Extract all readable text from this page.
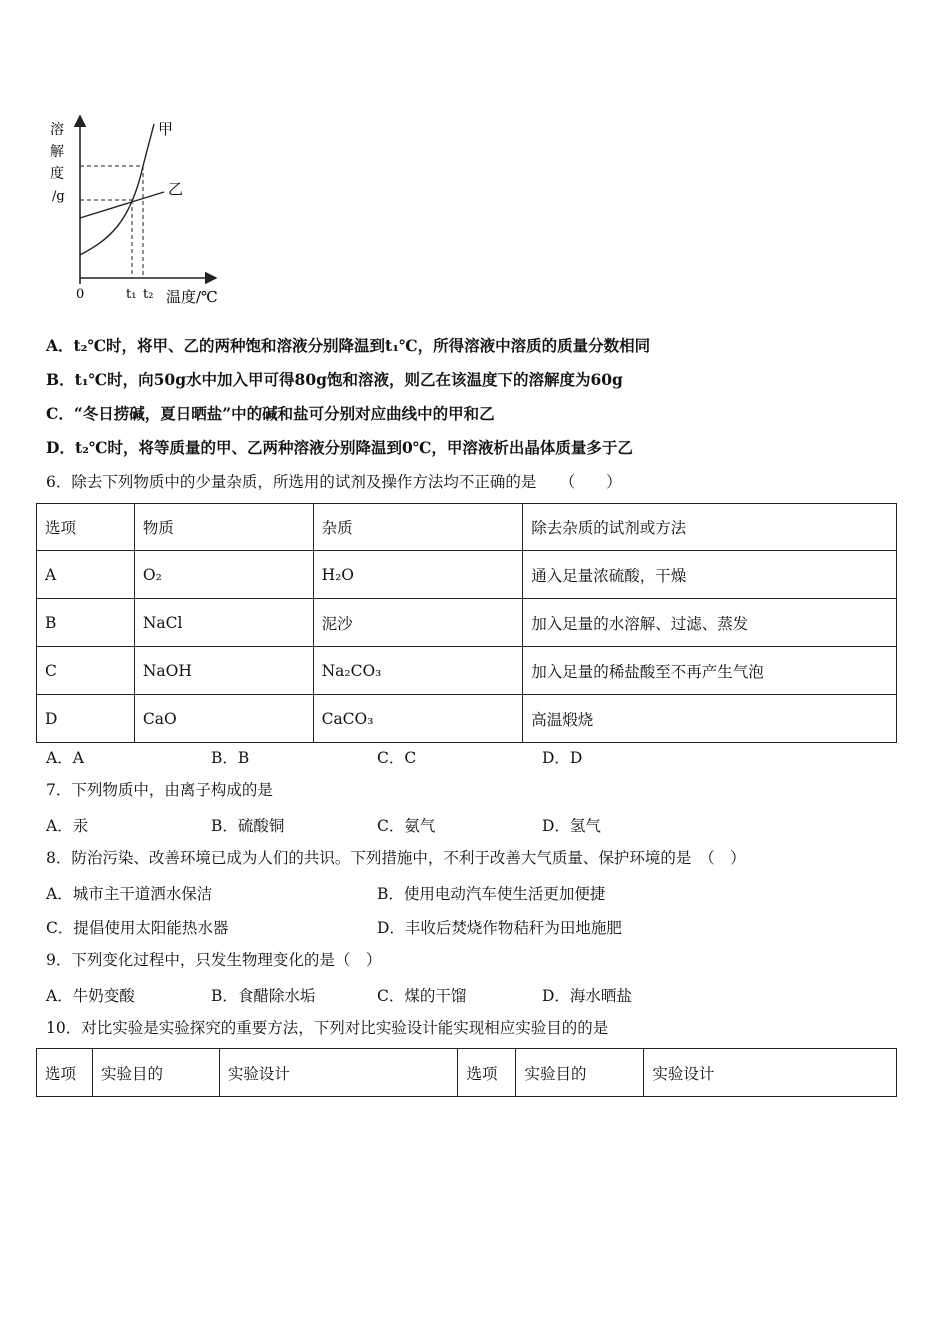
溶
解
度
/g
甲
乙
0	t₁ t₂ 温度/℃
A．t₂℃时，将甲、乙的两种饱和溶液分别降温到t₁℃，所得溶液中溶质的质量分数相同
B．t₁℃时，向50g水中加入甲可得80g饱和溶液，则乙在该温度下的溶解度为60g
C．“冬日捞碱，夏日晒盐”中的碱和盐可分别对应曲线中的甲和乙
D．t₂℃时，将等质量的甲、乙两种溶液分别降温到0℃，甲溶液析出晶体质量多于乙
6．除去下列物质中的少量杂质，所选用的试剂及操作方法均不正确的是　　（　　）
选项	物质	杂质	除去杂质的试剂或方法
A	O₂	H₂O	通入足量浓硫酸，干燥
B	NaCl	泥沙	加入足量的水溶解、过滤、蒸发
C	NaOH	Na₂CO₃	加入足量的稀盐酸至不再产生气泡
D	CaO	CaCO₃	高温煅烧
A．A	B．B	C．C	D．D
7．下列物质中，由离子构成的是
A．汞	B．硫酸铜	C．氨气	D．氢气
8．防治污染、改善环境已成为人们的共识。下列措施中，不利于改善大气质量、保护环境的是　（　）
A．城市主干道洒水保洁	B．使用电动汽车使生活更加便捷
C．提倡使用太阳能热水器	D．丰收后焚烧作物秸秆为田地施肥
9．下列变化过程中，只发生物理变化的是（　）
A．牛奶变酸	B．食醋除水垢	C．煤的干馏	D．海水晒盐
10．对比实验是实验探究的重要方法，下列对比实验设计能实现相应实验目的的是
选项	实验目的	实验设计	选项	实验目的	实验设计
